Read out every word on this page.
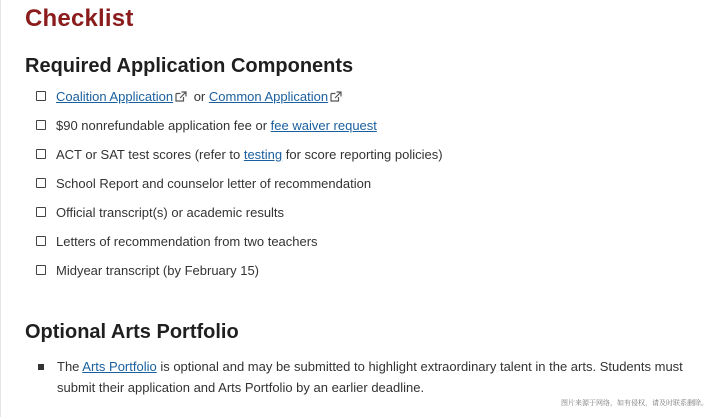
Checklist
Required Application Components
Coalition Application or Common Application
$90 nonrefundable application fee or fee waiver request
ACT or SAT test scores (refer to testing for score reporting policies)
School Report and counselor letter of recommendation
Official transcript(s) or academic results
Letters of recommendation from two teachers
Midyear transcript (by February 15)
Optional Arts Portfolio
The Arts Portfolio is optional and may be submitted to highlight extraordinary talent in the arts. Students must submit their application and Arts Portfolio by an earlier deadline.
图片来源于网络，如有侵权，请及时联系删除。
